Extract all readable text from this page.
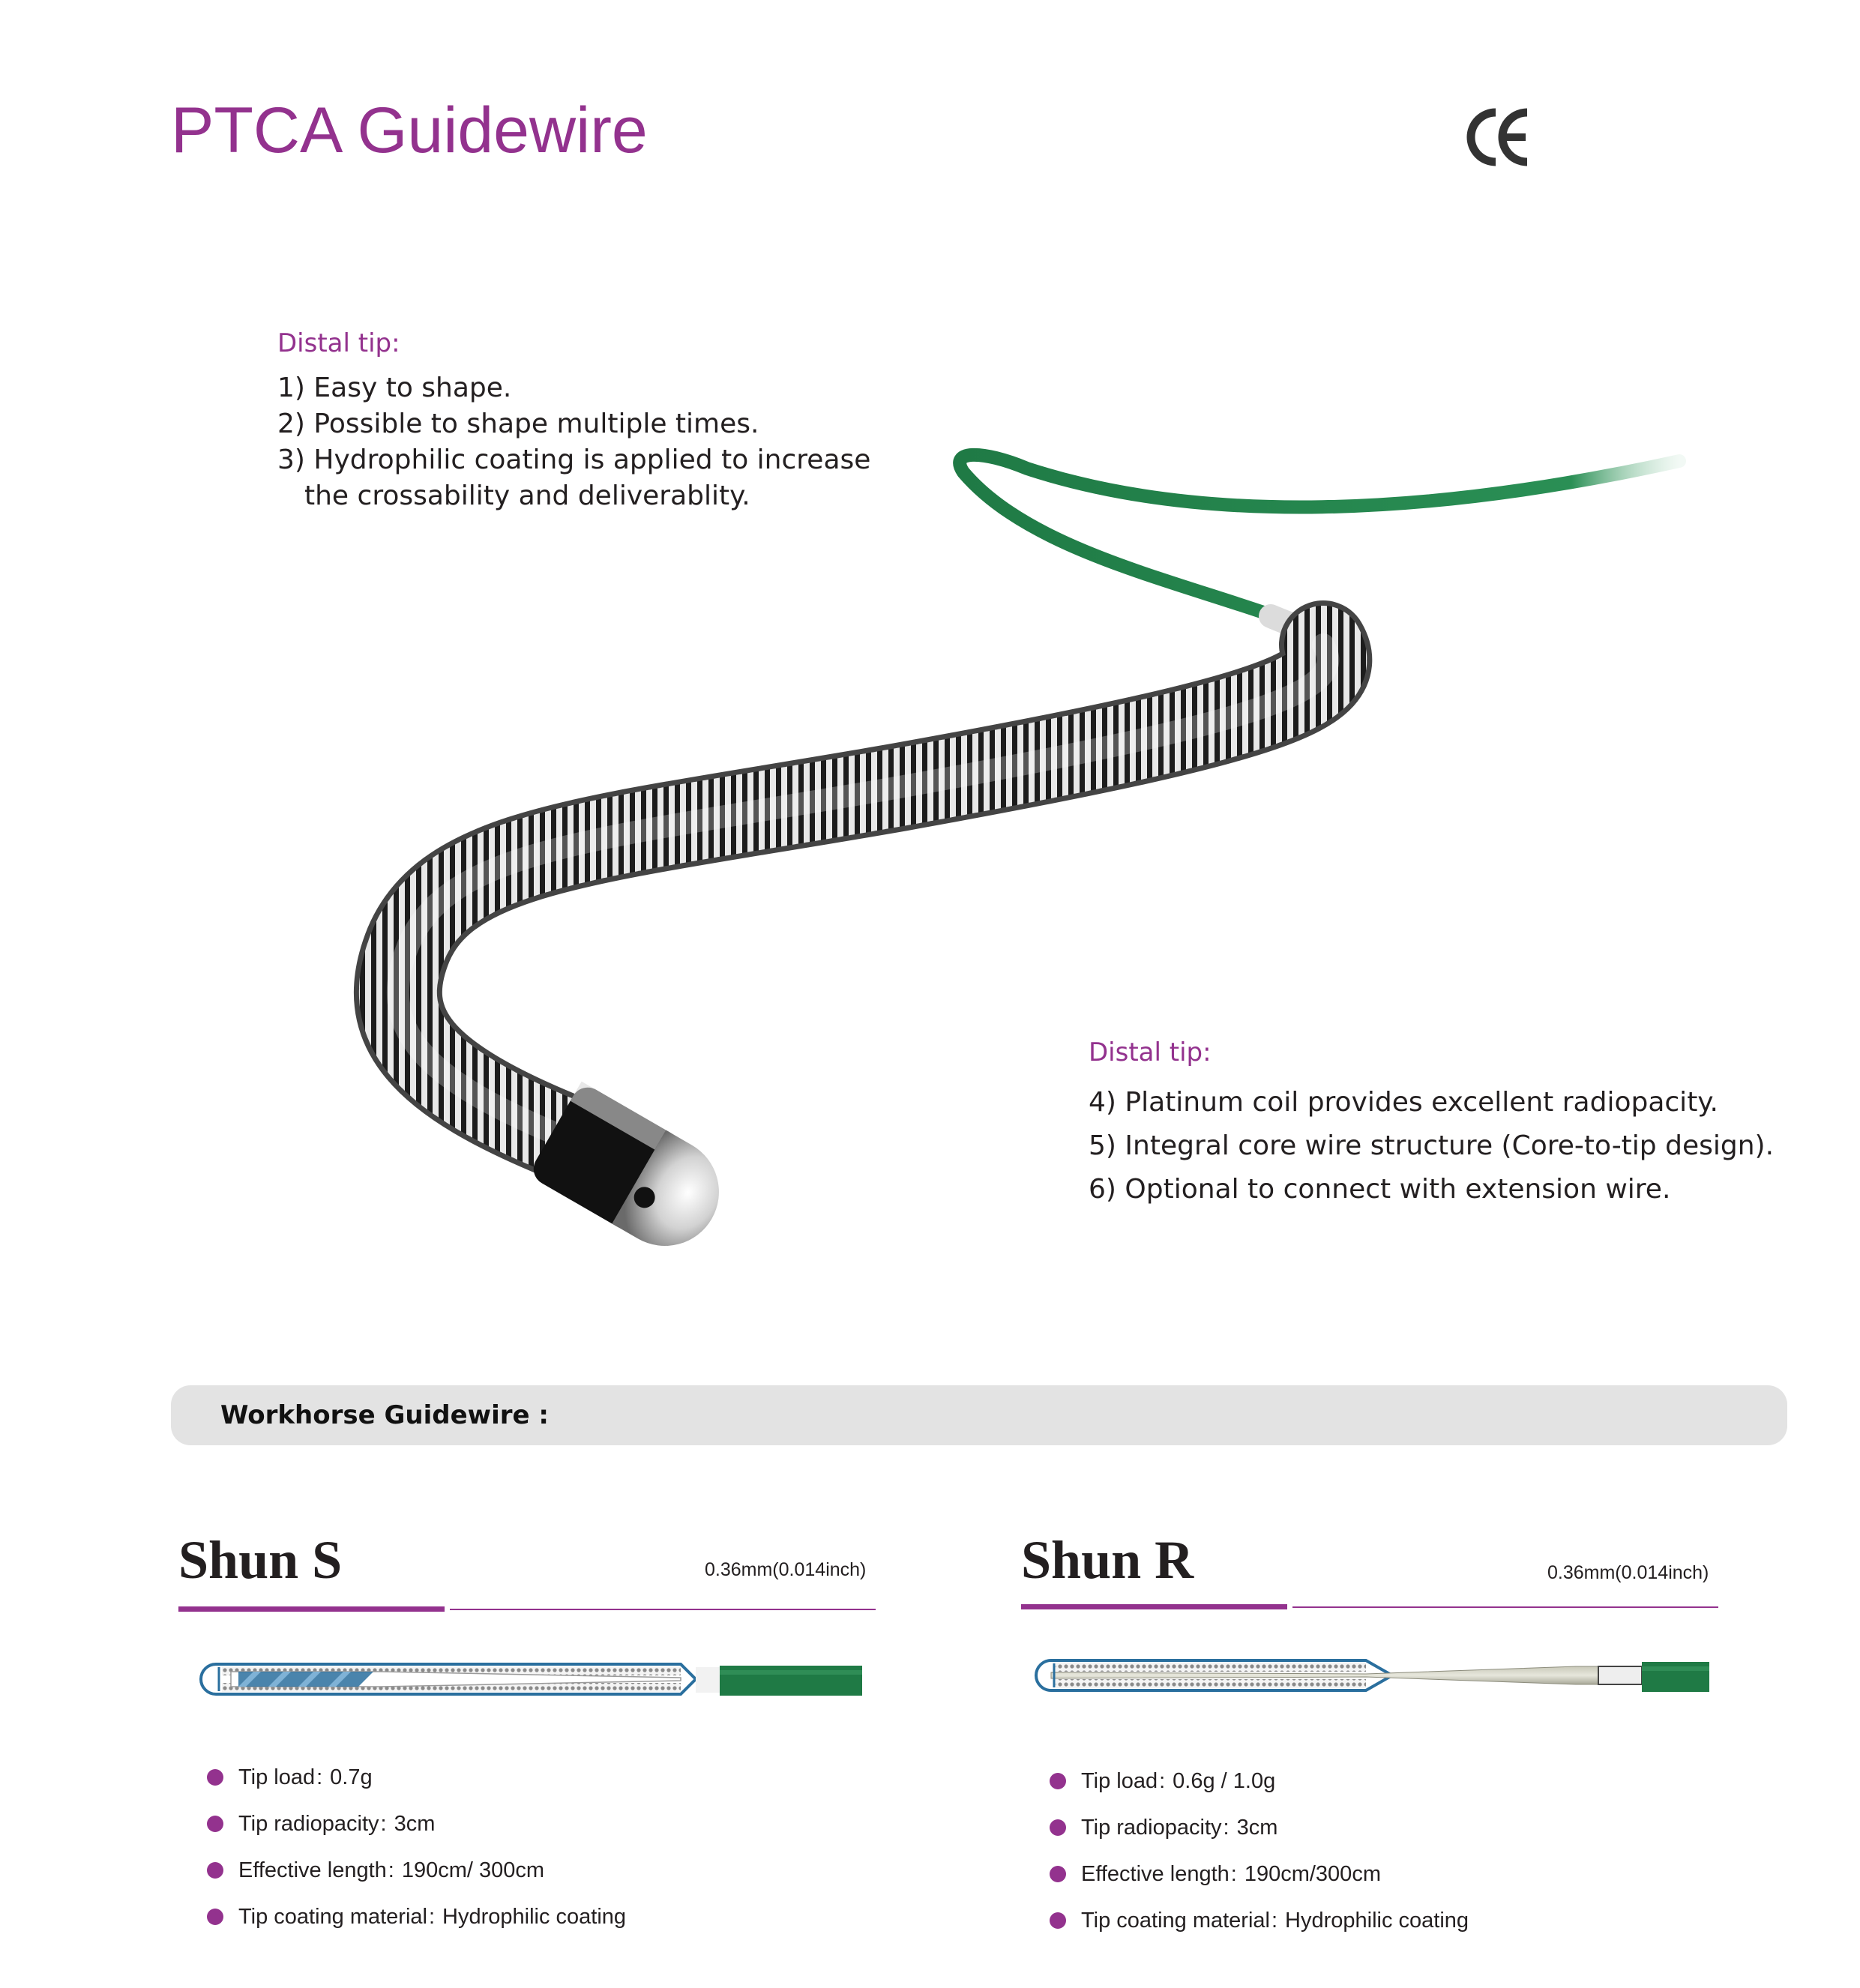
PTCA Guidewire
Distal tip:
1) Easy to shape.
2) Possible to shape multiple times.
3) Hydrophilic coating is applied to increase
the crossability and deliverablity.
Distal tip:
4) Platinum coil provides excellent radiopacity.
5) Integral core wire structure (Core-to-tip design).
6) Optional to connect with extension wire.
Workhorse Guidewire :
Shun S	0.36mm(0.014inch)
Tip load : 0.7g
Tip radiopacity : 3cm
Effective length : 190cm/ 300cm
Tip coating material : Hydrophilic coating
Shun R	0.36mm(0.014inch)
Tip load : 0.6g / 1.0g
Tip radiopacity : 3cm
Effective length : 190cm/300cm
Tip coating material : Hydrophilic coating
